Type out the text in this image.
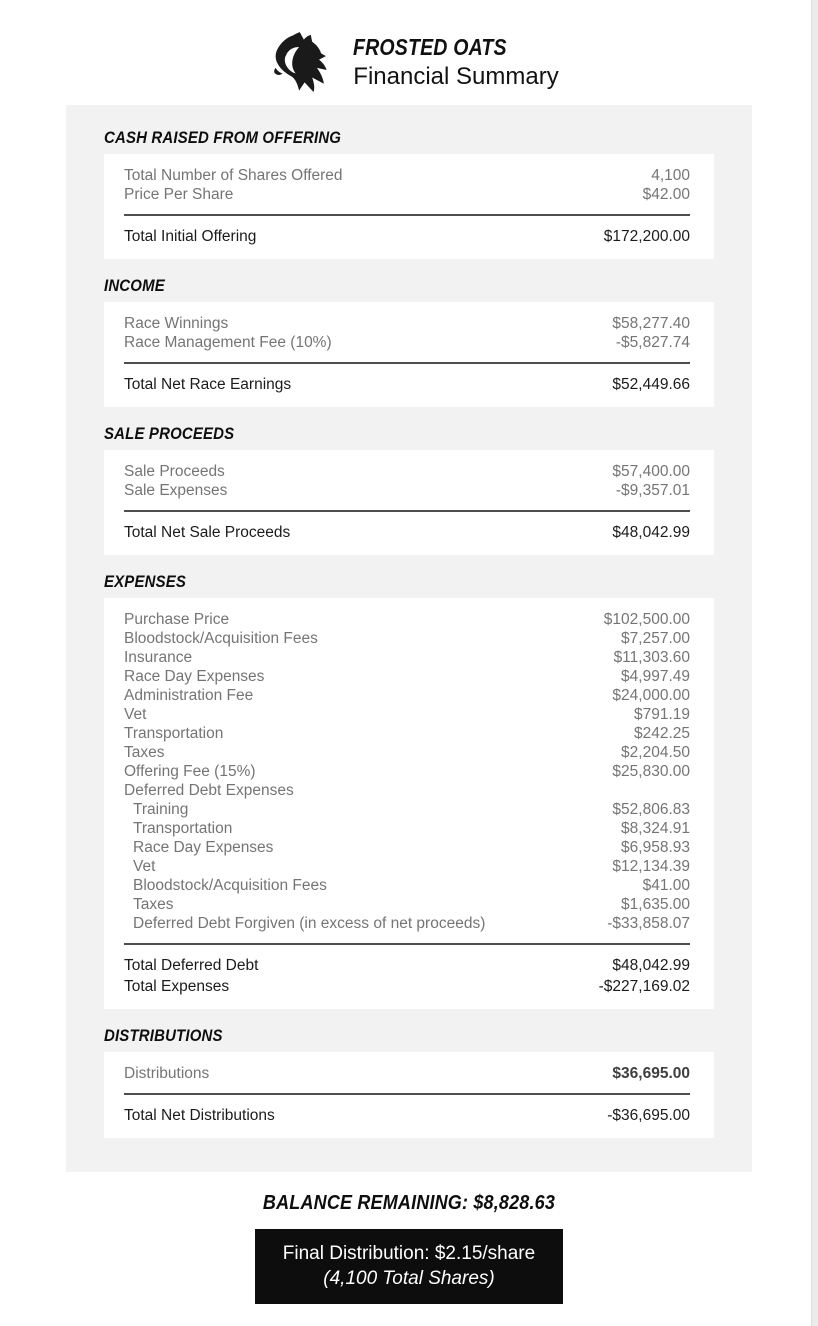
FROSTED OATS
Financial Summary
CASH RAISED FROM OFFERING
Total Number of Shares Offered	4,100
Price Per Share	$42.00
Total Initial Offering	$172,200.00
INCOME
Race Winnings	$58,277.40
Race Management Fee (10%)	-$5,827.74
Total Net Race Earnings	$52,449.66
SALE PROCEEDS
Sale Proceeds	$57,400.00
Sale Expenses	-$9,357.01
Total Net Sale Proceeds	$48,042.99
EXPENSES
Purchase Price	$102,500.00
Bloodstock/Acquisition Fees	$7,257.00
Insurance	$11,303.60
Race Day Expenses	$4,997.49
Administration Fee	$24,000.00
Vet	$791.19
Transportation	$242.25
Taxes	$2,204.50
Offering Fee (15%)	$25,830.00
Deferred Debt Expenses
Training	$52,806.83
Transportation	$8,324.91
Race Day Expenses	$6,958.93
Vet	$12,134.39
Bloodstock/Acquisition Fees	$41.00
Taxes	$1,635.00
Deferred Debt Forgiven (in excess of net proceeds)	-$33,858.07
Total Deferred Debt	$48,042.99
Total Expenses	-$227,169.02
DISTRIBUTIONS
Distributions	$36,695.00
Total Net Distributions	-$36,695.00
BALANCE REMAINING: $8,828.63
Final Distribution: $2.15/share
(4,100 Total Shares)
